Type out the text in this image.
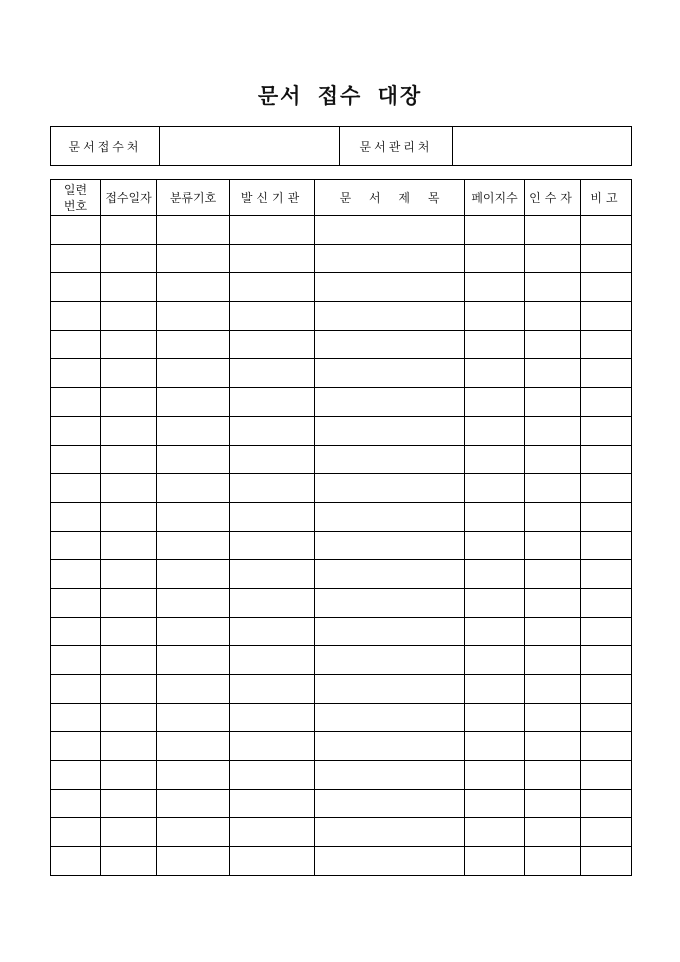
문서 접수 대장
문서접수처		문서관리처	
일련
번호	접수일자	분류기호	발신기관	문 서 제 목	페이지수	인수자	비고
